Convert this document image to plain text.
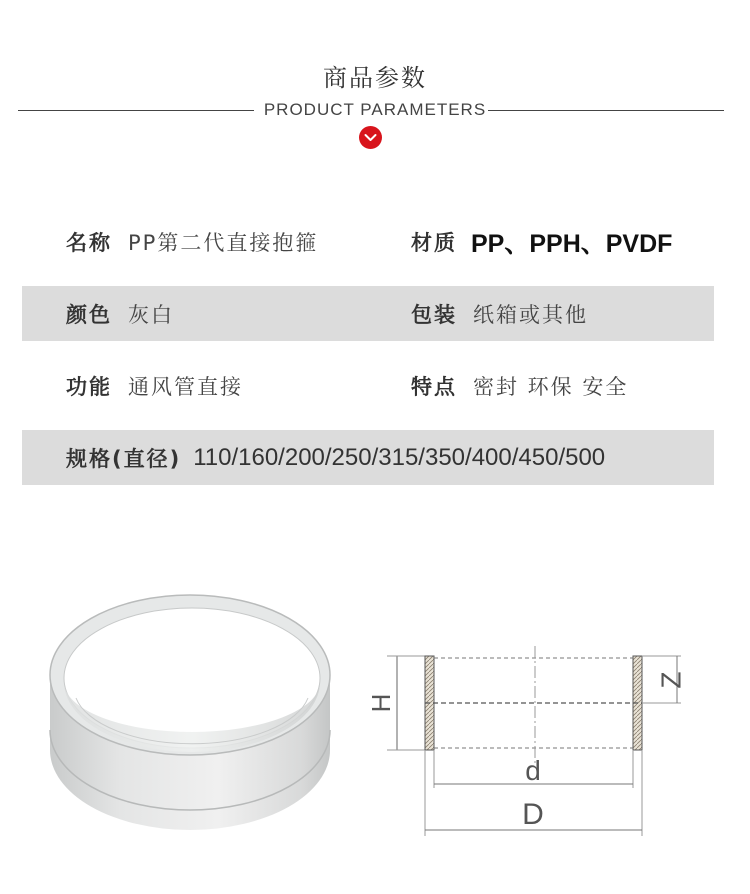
商品参数
PRODUCT PARAMETERS
名称 PP第二代直接抱箍	材质 PP、PPH、PVDF
颜色 灰白	包装 纸箱或其他
功能 通风管直接	特点 密封 环保 安全
规格(直径) 110/160/200/250/315/350/400/450/500
H
Z
d
D
